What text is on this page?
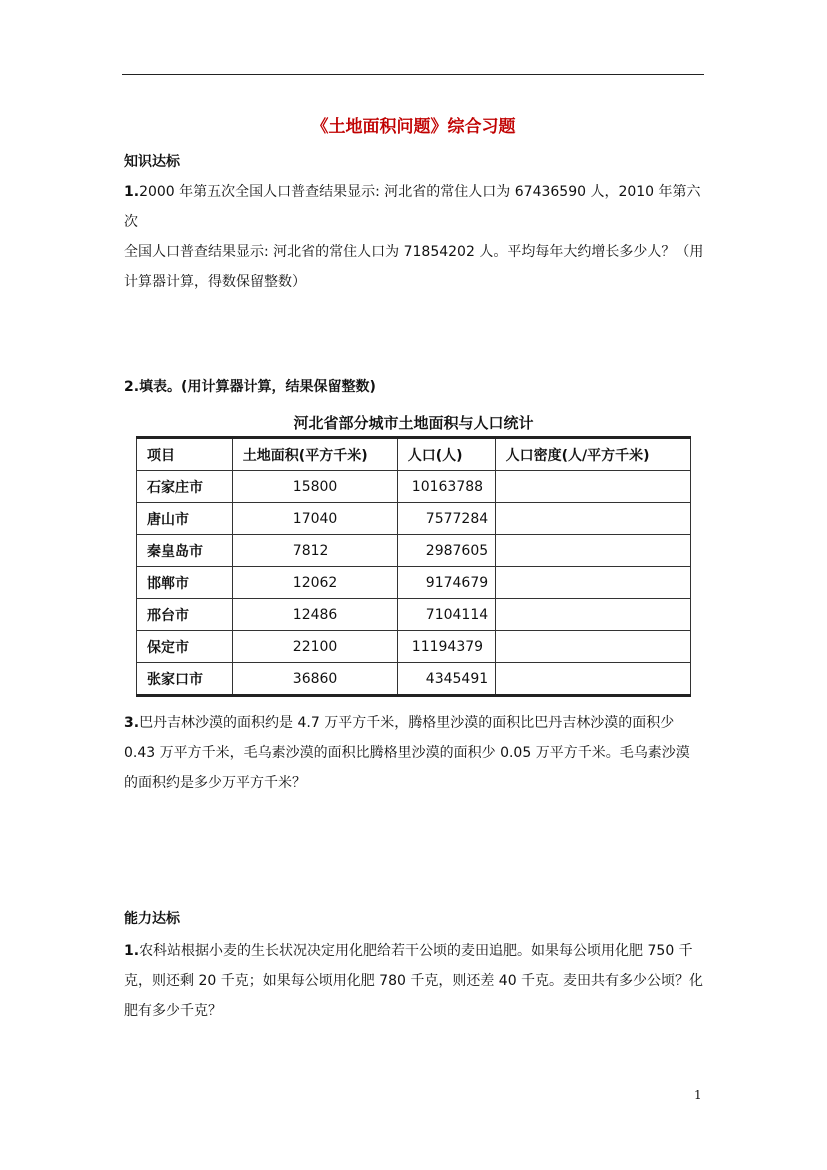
《土地面积问题》综合习题
知识达标
1.2000 年第五次全国人口普查结果显示: 河北省的常住人口为 67436590 人，2010 年第六次
全国人口普查结果显示: 河北省的常住人口为 71854202 人。平均每年大约增长多少人？（用
计算器计算，得数保留整数）
2.填表。(用计算器计算，结果保留整数)
河北省部分城市土地面积与人口统计
项目	土地面积(平方千米)	人口(人)	人口密度(人/平方千米)
石家庄市	15800	10163788	
唐山市	17040	7577284	
秦皇岛市	7812	2987605	
邯郸市	12062	9174679	
邢台市	12486	7104114	
保定市	22100	11194379	
张家口市	36860	4345491	
3.巴丹吉林沙漠的面积约是 4.7 万平方千米，腾格里沙漠的面积比巴丹吉林沙漠的面积少
0.43 万平方千米，毛乌素沙漠的面积比腾格里沙漠的面积少 0.05 万平方千米。毛乌素沙漠
的面积约是多少万平方千米？
能力达标
1.农科站根据小麦的生长状况决定用化肥给若干公顷的麦田追肥。如果每公顷用化肥 750 千
克，则还剩 20 千克；如果每公顷用化肥 780 千克，则还差 40 千克。麦田共有多少公顷？化
肥有多少千克？
1
